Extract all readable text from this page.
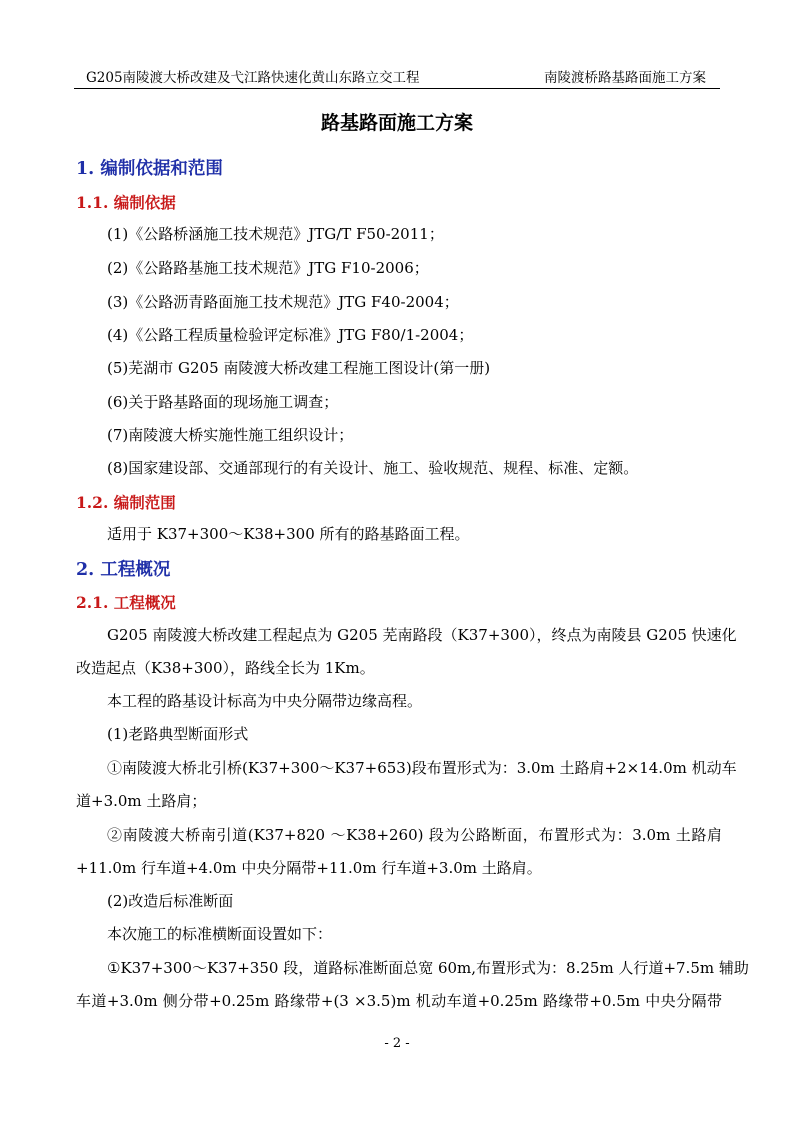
G205南陵渡大桥改建及弋江路快速化黄山东路立交工程	南陵渡桥路基路面施工方案
路基路面施工方案
1. 编制依据和范围
1.1. 编制依据
(1)《公路桥涵施工技术规范》JTG/T F50-2011；
(2)《公路路基施工技术规范》JTG F10-2006；
(3)《公路沥青路面施工技术规范》JTG F40-2004；
(4)《公路工程质量检验评定标准》JTG F80/1-2004；
(5)芜湖市 G205 南陵渡大桥改建工程施工图设计(第一册)
(6)关于路基路面的现场施工调查；
(7)南陵渡大桥实施性施工组织设计；
(8)国家建设部、交通部现行的有关设计、施工、验收规范、规程、标准、定额。
1.2. 编制范围
适用于 K37+300～K38+300 所有的路基路面工程。
2. 工程概况
2.1. 工程概况
G205 南陵渡大桥改建工程起点为 G205 芜南路段（K37+300），终点为南陵县 G205 快速化
改造起点（K38+300），路线全长为 1Km。
本工程的路基设计标高为中央分隔带边缘高程。
(1)老路典型断面形式
①南陵渡大桥北引桥(K37+300～K37+653)段布置形式为：3.0m 土路肩+2×14.0m 机动车
道+3.0m 土路肩；
②南陵渡大桥南引道(K37+820 ～K38+260) 段为公路断面，布置形式为：3.0m 土路肩
+11.0m 行车道+4.0m 中央分隔带+11.0m 行车道+3.0m 土路肩。
(2)改造后标准断面
本次施工的标准横断面设置如下：
①K37+300～K37+350 段，道路标准断面总宽 60m,布置形式为：8.25m 人行道+7.5m 辅助
车道+3.0m 侧分带+0.25m 路缘带+(3 ×3.5)m 机动车道+0.25m 路缘带+0.5m 中央分隔带
- 2 -
